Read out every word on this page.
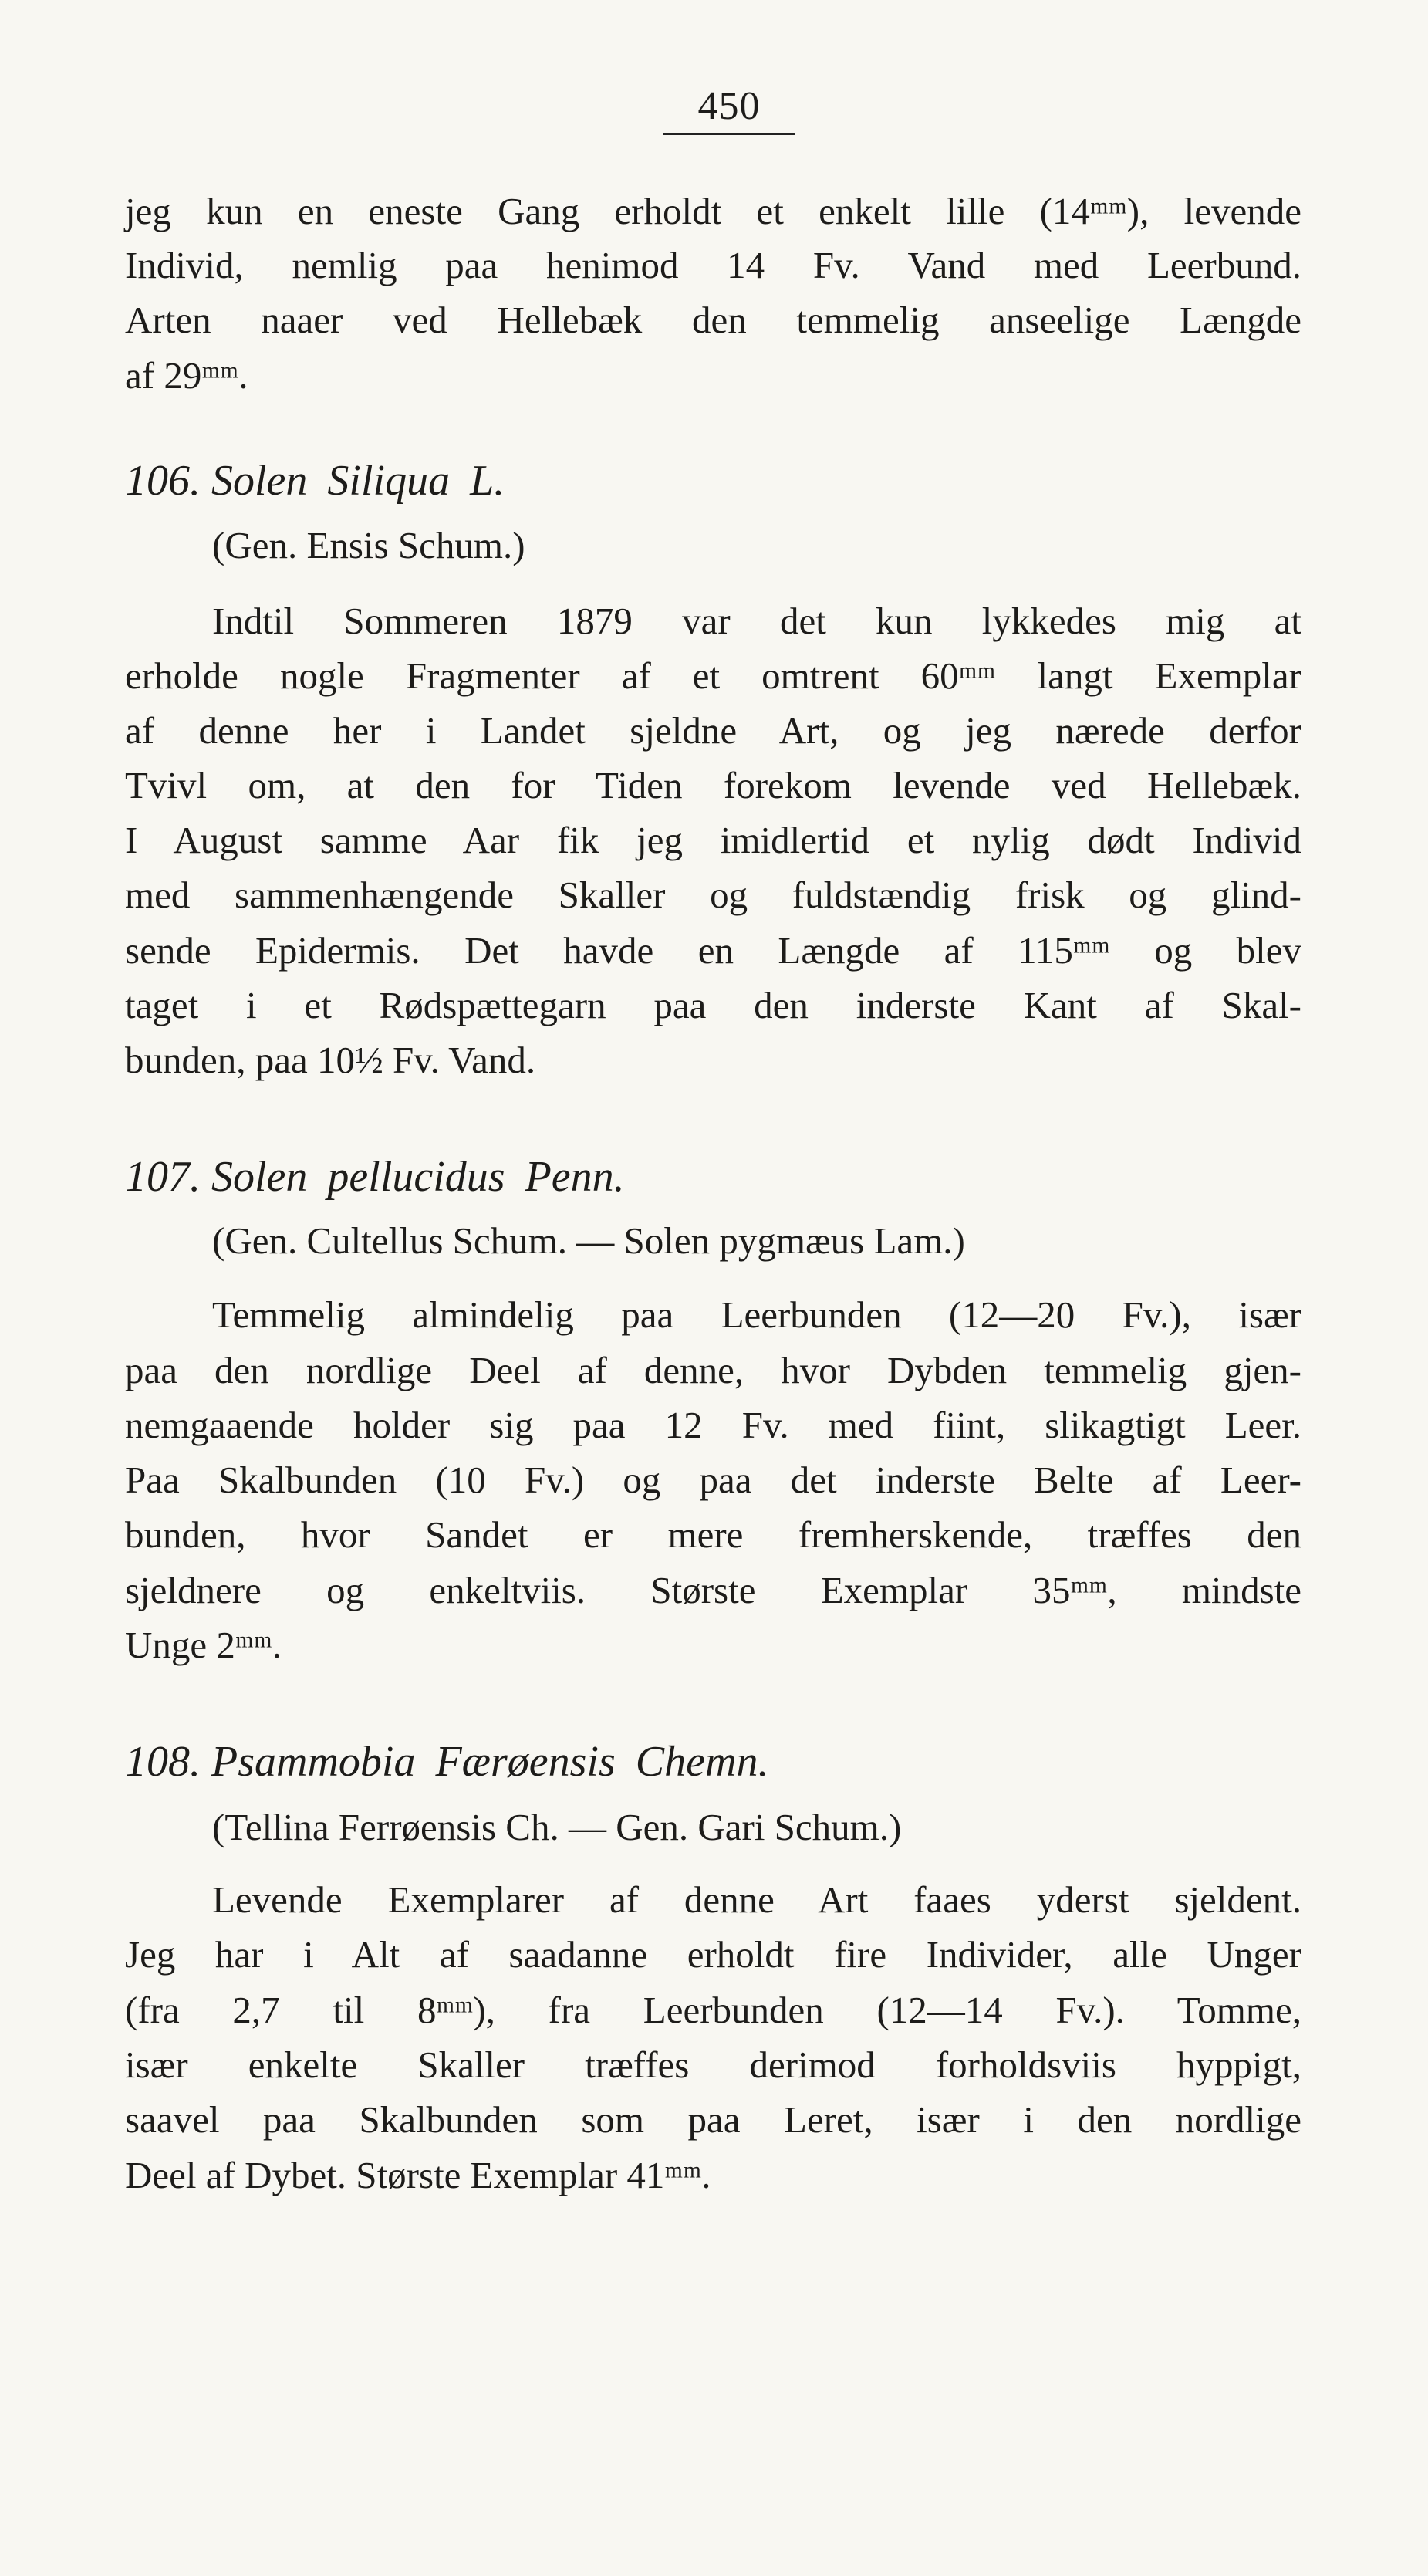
450
jeg kun en eneste Gang erholdt et enkelt lille (14ᵐᵐ), levende
Individ, nemlig paa henimod 14 Fv. Vand med Leerbund.
Arten naaer ved Hellebæk den temmelig anseelige Længde
af 29ᵐᵐ.
106. Solen Siliqua L.
(Gen. Ensis Schum.)
Indtil Sommeren 1879 var det kun lykkedes mig at
erholde nogle Fragmenter af et omtrent 60ᵐᵐ langt Exemplar
af denne her i Landet sjeldne Art, og jeg nærede derfor
Tvivl om, at den for Tiden forekom levende ved Hellebæk.
I August samme Aar fik jeg imidlertid et nylig dødt Individ
med sammenhængende Skaller og fuldstændig frisk og glind-
sende Epidermis. Det havde en Længde af 115ᵐᵐ og blev
taget i et Rødspættegarn paa den inderste Kant af Skal-
bunden, paa 10½ Fv. Vand.
107. Solen pellucidus Penn.
(Gen. Cultellus Schum. — Solen pygmæus Lam.)
Temmelig almindelig paa Leerbunden (12—20 Fv.), især
paa den nordlige Deel af denne, hvor Dybden temmelig gjen-
nemgaaende holder sig paa 12 Fv. med fiint, slikagtigt Leer.
Paa Skalbunden (10 Fv.) og paa det inderste Belte af Leer-
bunden, hvor Sandet er mere fremherskende, træffes den
sjeldnere og enkeltviis. Største Exemplar 35ᵐᵐ, mindste
Unge 2ᵐᵐ.
108. Psammobia Færøensis Chemn.
(Tellina Ferrøensis Ch. — Gen. Gari Schum.)
Levende Exemplarer af denne Art faaes yderst sjeldent.
Jeg har i Alt af saadanne erholdt fire Individer, alle Unger
(fra 2,7 til 8ᵐᵐ), fra Leerbunden (12—14 Fv.). Tomme,
især enkelte Skaller træffes derimod forholdsviis hyppigt,
saavel paa Skalbunden som paa Leret, især i den nordlige
Deel af Dybet. Største Exemplar 41ᵐᵐ.
